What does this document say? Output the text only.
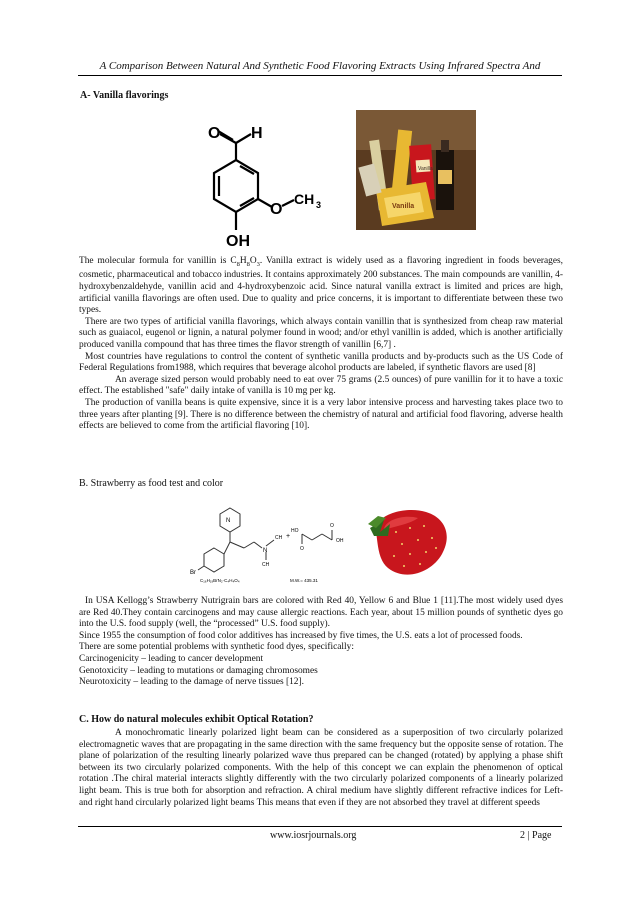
A Comparison Between Natural And Synthetic Food Flavoring Extracts Using Infrared Spectra And
A- Vanilla flavorings
O H
O
CH 3
OH
Vanilla
Vanilla

The molecular formula for vanillin is $C_8H_8O_3$. Vanilla extract is widely used as a flavoring ingredient in foods beverages, cosmetic, pharmaceutical and tobacco industries. It contains approximately 200 substances. The main compounds are vanillin, 4-hydroxybenzaldehyde, vanillin acid and 4-hydroxybenzoic acid. Since natural vanilla extract is limited and prices are high, artificial vanilla flavorings are often used. Due to quality and price concerns, it is important to differentiate between these two types.

There are two types of artificial vanilla flavorings, which always contain vanillin that is synthesized from cheap raw material such as guaiacol, eugenol or lignin, a natural polymer found in wood; and/or ethyl vanillin is added, which is another artificially produced vanilla compound that has three times the flavor strength of vanillin [6,7] .

Most countries have regulations to control the content of synthetic vanilla products and by-products such as the US Code of Federal Regulations from1988, which requires that beverage alcohol products are labeled, if synthetic flavors are used [8]

An average sized person would probably need to eat over 75 grams (2.5 ounces) of pure vanillin for it to have a toxic effect. The established "safe" daily intake of vanilla is 10 mg per kg.

The production of vanilla beans is quite expensive, since it is a very labor intensive process and harvesting takes place two to three years after planting [9]. There is no difference between the chemistry of natural and artificial food flavoring, adverse health effects are believed to come from the artificial flavoring [10].

B. Strawberry as food test and color
N
N
CH
CH
Br
+
HO
O
O
OH
C₁₆H₁₉BrN₂·C₄H₄O₄	M.W.= 435.31

In USA Kellogg’s Strawberry Nutrigrain bars are colored with Red 40, Yellow 6 and Blue 1 [11].The most widely used dyes are Red 40.They contain carcinogens and may cause allergic reactions. Each year, about 15 million pounds of synthetic dyes go into the U.S. food supply (well, the “processed” U.S. food supply).

Since 1955 the consumption of food color additives has increased by five times, the U.S. eats a lot of processed foods.

There are some potential problems with synthetic food dyes, specifically:

Carcinogenicity – leading to cancer development

Genotoxicity – leading to mutations or damaging chromosomes

Neurotoxicity – leading to the damage of nerve tissues [12].

C. How do natural molecules exhibit Optical Rotation?

A monochromatic linearly polarized light beam can be considered as a superposition of two circularly polarized electromagnetic waves that are propagating in the same direction with the same frequency but the opposite sense of rotation. The plane of polarization of the resulting linearly polarized wave thus prepared can be changed (rotated) by applying a phase shift between its two circularly polarized components. With the help of this concept we can explain the phenomenon of optical rotation .The chiral material interacts slightly differently with the two circularly polarized components of a linearly polarized light beam. This is true both for absorption and refraction. A chiral medium have slightly different refractive indices for Left- and right hand circularly polarized light beams This means that even if they are not absorbed they travel at different speeds

www.iosrjournals.org	2 | Page
